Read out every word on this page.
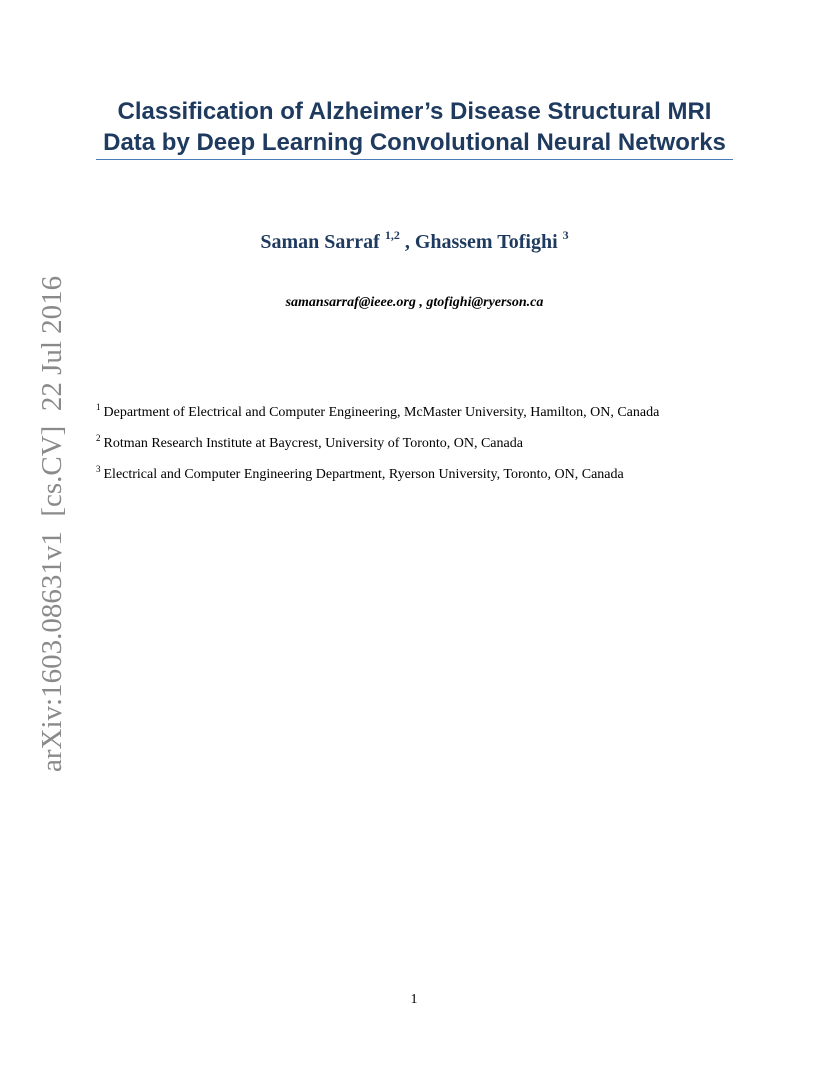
arXiv:1603.08631v1  [cs.CV]  22 Jul 2016
Classification of Alzheimer’s Disease Structural MRI
Data by Deep Learning Convolutional Neural Networks
Saman Sarraf $^{1,2}$ , Ghassem Tofighi $^3$
samansarraf@ieee.org , gtofighi@ryerson.ca
$^1$ Department of Electrical and Computer Engineering, McMaster University, Hamilton, ON, Canada
$^2$ Rotman Research Institute at Baycrest, University of Toronto, ON, Canada
$^3$ Electrical and Computer Engineering Department, Ryerson University, Toronto, ON, Canada
1
